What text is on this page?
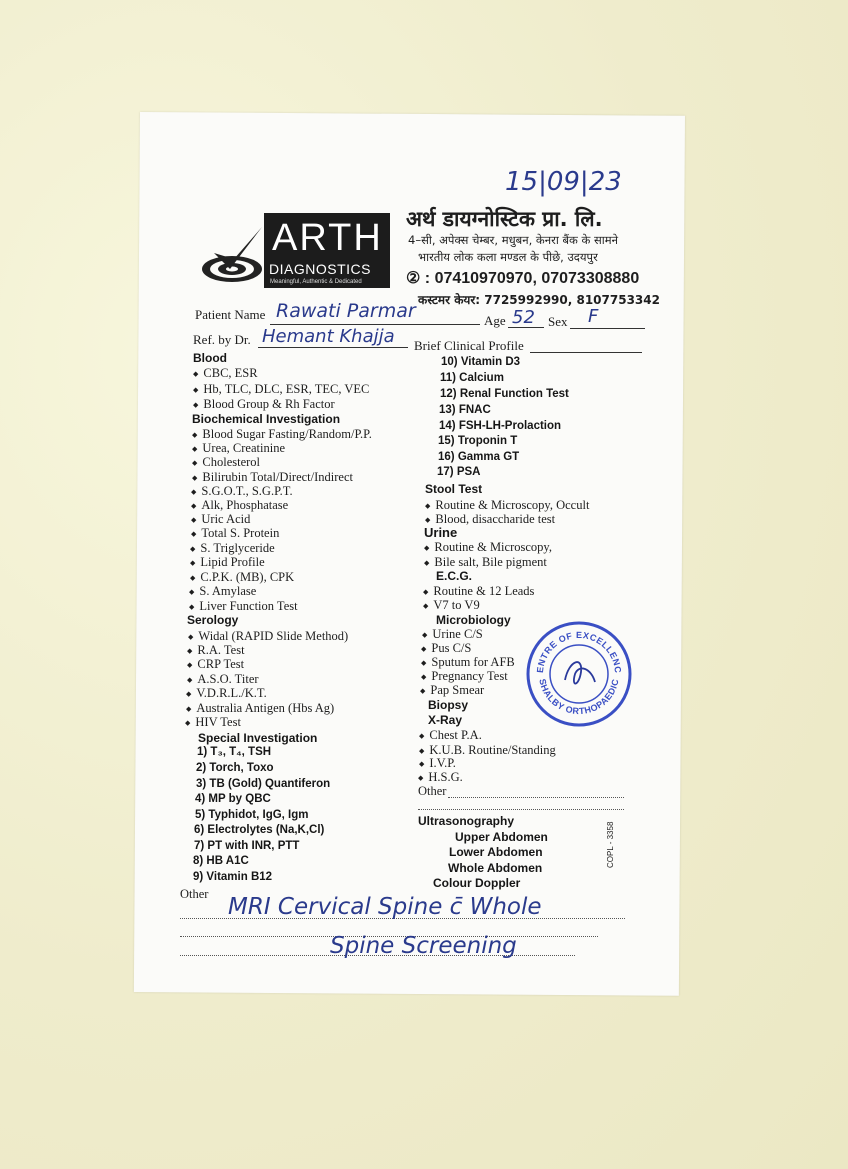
15|09|23
ARTH
DIAGNOSTICS
Meaningful, Authentic & Dedicated
अर्थ डायग्नोस्टिक प्रा. लि.
4–सी, अपेक्स चेम्बर, मधुबन, केनरा बैंक के सामने
भारतीय लोक कला मण्डल के पीछे, उदयपुर
② : 07410970970, 07073308880
कस्टमर केयर: 7725992990, 8107753342
Patient Name Rawati Parmar	Age 52 Sex F
Ref. by Dr. Hemant Khajja Brief Clinical Profile
Blood
◆ CBC, ESR
◆ Hb, TLC, DLC, ESR, TEC, VEC
◆ Blood Group & Rh Factor
Biochemical Investigation
◆ Blood Sugar Fasting/Random/P.P.
◆ Urea, Creatinine
◆ Cholesterol
◆ Bilirubin Total/Direct/Indirect
◆ S.G.O.T., S.G.P.T.
◆ Alk, Phosphatase
◆ Uric Acid
◆ Total S. Protein
◆ S. Triglyceride
◆ Lipid Profile
◆ C.P.K. (MB), CPK
◆ S. Amylase
◆ Liver Function Test
Serology
◆ Widal (RAPID Slide Method)
◆ R.A. Test
◆ CRP Test
◆ A.S.O. Titer
◆ V.D.R.L./K.T.
◆ Australia Antigen (Hbs Ag)
◆ HIV Test
Special Investigation
1) T₃, T₄, TSH
2) Torch, Toxo
3) TB (Gold) Quantiferon
4) MP by QBC
5) Typhidot, IgG, Igm
6) Electrolytes (Na,K,Cl)
7) PT with INR, PTT
8) HB A1C
9) Vitamin B12
Other
10) Vitamin D3
11) Calcium
12) Renal Function Test
13) FNAC
14) FSH-LH-Prolaction
15) Troponin T
16) Gamma GT
17) PSA
Stool Test
◆ Routine & Microscopy, Occult
◆ Blood, disaccharide test
Urine
◆ Routine & Microscopy,
◆ Bile salt, Bile pigment
E.C.G.
◆ Routine & 12 Leads
◆ V7 to V9
Microbiology
◆ Urine C/S
◆ Pus C/S
◆ Sputum for AFB
◆ Pregnancy Test
◆ Pap Smear
Biopsy
X-Ray
◆ Chest P.A.
◆ K.U.B. Routine/Standing
◆ I.V.P.
◆ H.S.G.
Other
Ultrasonography
Upper Abdomen
Lower Abdomen
Whole Abdomen
Colour Doppler
COPL - 3358
ENTRE OF EXCELLENC
SHALBY ORTHOPAEDIC
MRI Cervical Spine c̄ Whole
Spine Screening
